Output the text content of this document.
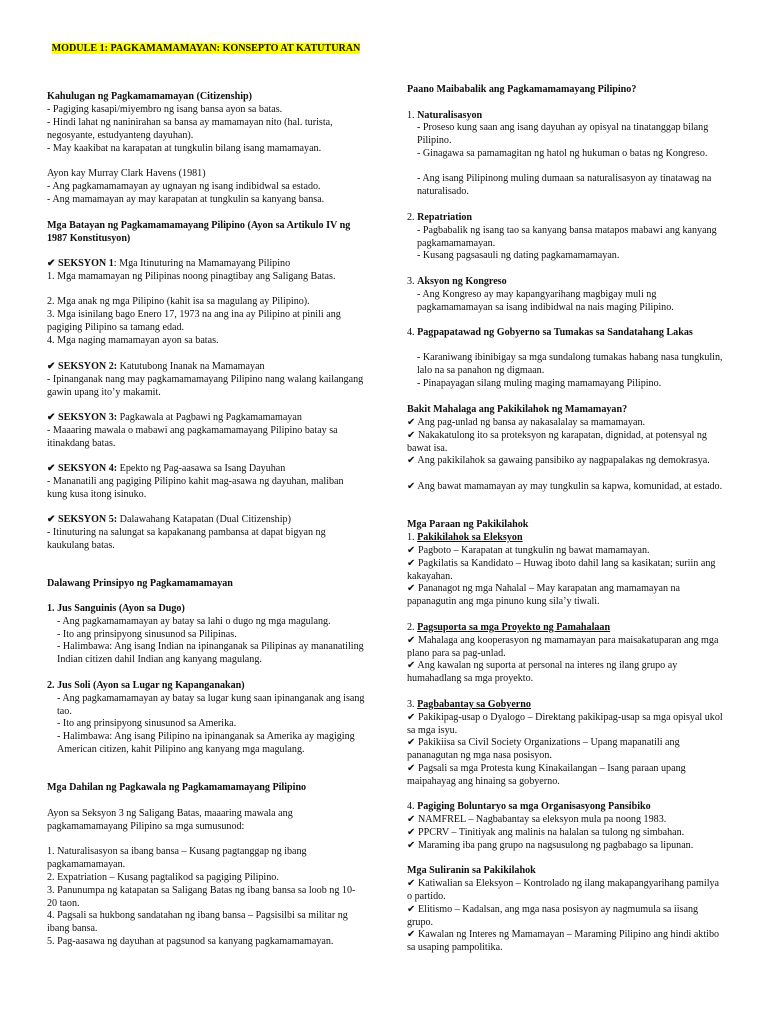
MODULE 1: PAGKAMAMAMAYAN: KONSEPTO AT KATUTURAN

Kahulugan ng Pagkamamamayan (Citizenship)

- Pagiging kasapi/miyembro ng isang bansa ayon sa batas.

- Hindi lahat ng naninirahan sa bansa ay mamamayan nito (hal. turista, negosyante, estudyanteng dayuhan).

- May kaakibat na karapatan at tungkulin bilang isang mamamayan.

Ayon kay Murray Clark Havens (1981)

- Ang pagkamamamayan ay ugnayan ng isang indibidwal sa estado.

- Ang mamamayan ay may karapatan at tungkulin sa kanyang bansa.

Mga Batayan ng Pagkamamamayang Pilipino (Ayon sa Artikulo IV ng 1987 Konstitusyon)

✔ SEKSYON 1: Mga Itinuturing na Mamamayang Pilipino

1. Mga mamamayan ng Pilipinas noong pinagtibay ang Saligang Batas.

2. Mga anak ng mga Pilipino (kahit isa sa magulang ay Pilipino).

3. Mga isinilang bago Enero 17, 1973 na ang ina ay Pilipino at pinili ang pagiging Pilipino sa tamang edad.

4. Mga naging mamamayan ayon sa batas.

✔ SEKSYON 2: Katutubong Inanak na Mamamayan

- Ipinanganak nang may pagkamamamayang Pilipino nang walang kailangang gawin upang ito’y makamit.

✔ SEKSYON 3: Pagkawala at Pagbawi ng Pagkamamamayan

- Maaaring mawala o mabawi ang pagkamamamayang Pilipino batay sa itinakdang batas.

✔ SEKSYON 4: Epekto ng Pag-aasawa sa Isang Dayuhan

- Mananatili ang pagiging Pilipino kahit mag-asawa ng dayuhan, maliban kung kusa itong isinuko.

✔ SEKSYON 5: Dalawahang Katapatan (Dual Citizenship)

- Itinuturing na salungat sa kapakanang pambansa at dapat bigyan ng kaukulang batas.

Dalawang Prinsipyo ng Pagkamamamayan

1. Jus Sanguinis (Ayon sa Dugo)

- Ang pagkamamamayan ay batay sa lahi o dugo ng mga magulang.

- Ito ang prinsipyong sinusunod sa Pilipinas.

- Halimbawa: Ang isang Indian na ipinanganak sa Pilipinas ay mananatiling Indian citizen dahil Indian ang kanyang magulang.

2. Jus Soli (Ayon sa Lugar ng Kapanganakan)

- Ang pagkamamamayan ay batay sa lugar kung saan ipinanganak ang isang tao.

- Ito ang prinsipyong sinusunod sa Amerika.

- Halimbawa: Ang isang Pilipino na ipinanganak sa Amerika ay magiging American citizen, kahit Pilipino ang kanyang mga magulang.

Mga Dahilan ng Pagkawala ng Pagkamamamayang Pilipino

Ayon sa Seksyon 3 ng Saligang Batas, maaaring mawala ang pagkamamamayang Pilipino sa mga sumusunod:

1. Naturalisasyon sa ibang bansa – Kusang pagtanggap ng ibang pagkamamamayan.

2. Expatriation – Kusang pagtalikod sa pagiging Pilipino.

3. Panunumpa ng katapatan sa Saligang Batas ng ibang bansa sa loob ng 10-20 taon.

4. Pagsali sa hukbong sandatahan ng ibang bansa – Pagsisilbi sa militar ng ibang bansa.

5. Pag-aasawa ng dayuhan at pagsunod sa kanyang pagkamamamayan.

Paano Maibabalik ang Pagkamamamayang Pilipino?

1. Naturalisasyon

- Proseso kung saan ang isang dayuhan ay opisyal na tinatanggap bilang Pilipino.

- Ginagawa sa pamamagitan ng hatol ng hukuman o batas ng Kongreso.

- Ang isang Pilipinong muling dumaan sa naturalisasyon ay tinatawag na naturalisado.

2. Repatriation

- Pagbabalik ng isang tao sa kanyang bansa matapos mabawi ang kanyang pagkamamamayan.

- Kusang pagsasauli ng dating pagkamamamayan.

3. Aksyon ng Kongreso

- Ang Kongreso ay may kapangyarihang magbigay muli ng pagkamamamayan sa isang indibidwal na nais maging Pilipino.

4. Pagpapatawad ng Gobyerno sa Tumakas sa Sandatahang Lakas

- Karaniwang ibinibigay sa mga sundalong tumakas habang nasa tungkulin, lalo na sa panahon ng digmaan.

- Pinapayagan silang muling maging mamamayang Pilipino.

Bakit Mahalaga ang Pakikilahok ng Mamamayan?

✔ Ang pag-unlad ng bansa ay nakasalalay sa mamamayan.

✔ Nakakatulong ito sa proteksyon ng karapatan, dignidad, at potensyal ng bawat isa.

✔ Ang pakikilahok sa gawaing pansibiko ay nagpapalakas ng demokrasya.

✔ Ang bawat mamamayan ay may tungkulin sa kapwa, komunidad, at estado.

Mga Paraan ng Pakikilahok

1. Pakikilahok sa Eleksyon

✔ Pagboto – Karapatan at tungkulin ng bawat mamamayan.

✔ Pagkilatis sa Kandidato – Huwag iboto dahil lang sa kasikatan; suriin ang kakayahan.

✔ Pananagot ng mga Nahalal – May karapatan ang mamamayan na papanagutin ang mga pinuno kung sila’y tiwali.

2. Pagsuporta sa mga Proyekto ng Pamahalaan

✔ Mahalaga ang kooperasyon ng mamamayan para maisakatuparan ang mga plano para sa pag-unlad.

✔ Ang kawalan ng suporta at personal na interes ng ilang grupo ay humahadlang sa mga proyekto.

3. Pagbabantay sa Gobyerno

✔ Pakikipag-usap o Dyalogo – Direktang pakikipag-usap sa mga opisyal ukol sa mga isyu.

✔ Pakikiisa sa Civil Society Organizations – Upang mapanatili ang pananagutan ng mga nasa posisyon.

✔ Pagsali sa mga Protesta kung Kinakailangan – Isang paraan upang maipahayag ang hinaing sa gobyerno.

4. Pagiging Boluntaryo sa mga Organisasyong Pansibiko

✔ NAMFREL – Nagbabantay sa eleksyon mula pa noong 1983.

✔ PPCRV – Tinitiyak ang malinis na halalan sa tulong ng simbahan.

✔ Maraming iba pang grupo na nagsusulong ng pagbabago sa lipunan.

Mga Suliranin sa Pakikilahok

✔ Katiwalian sa Eleksyon – Kontrolado ng ilang makapangyarihang pamilya o partido.

✔ Elitismo – Kadalsan, ang mga nasa posisyon ay nagmumula sa iisang grupo.

✔ Kawalan ng Interes ng Mamamayan – Maraming Pilipino ang hindi aktibo sa usaping pampolitika.
